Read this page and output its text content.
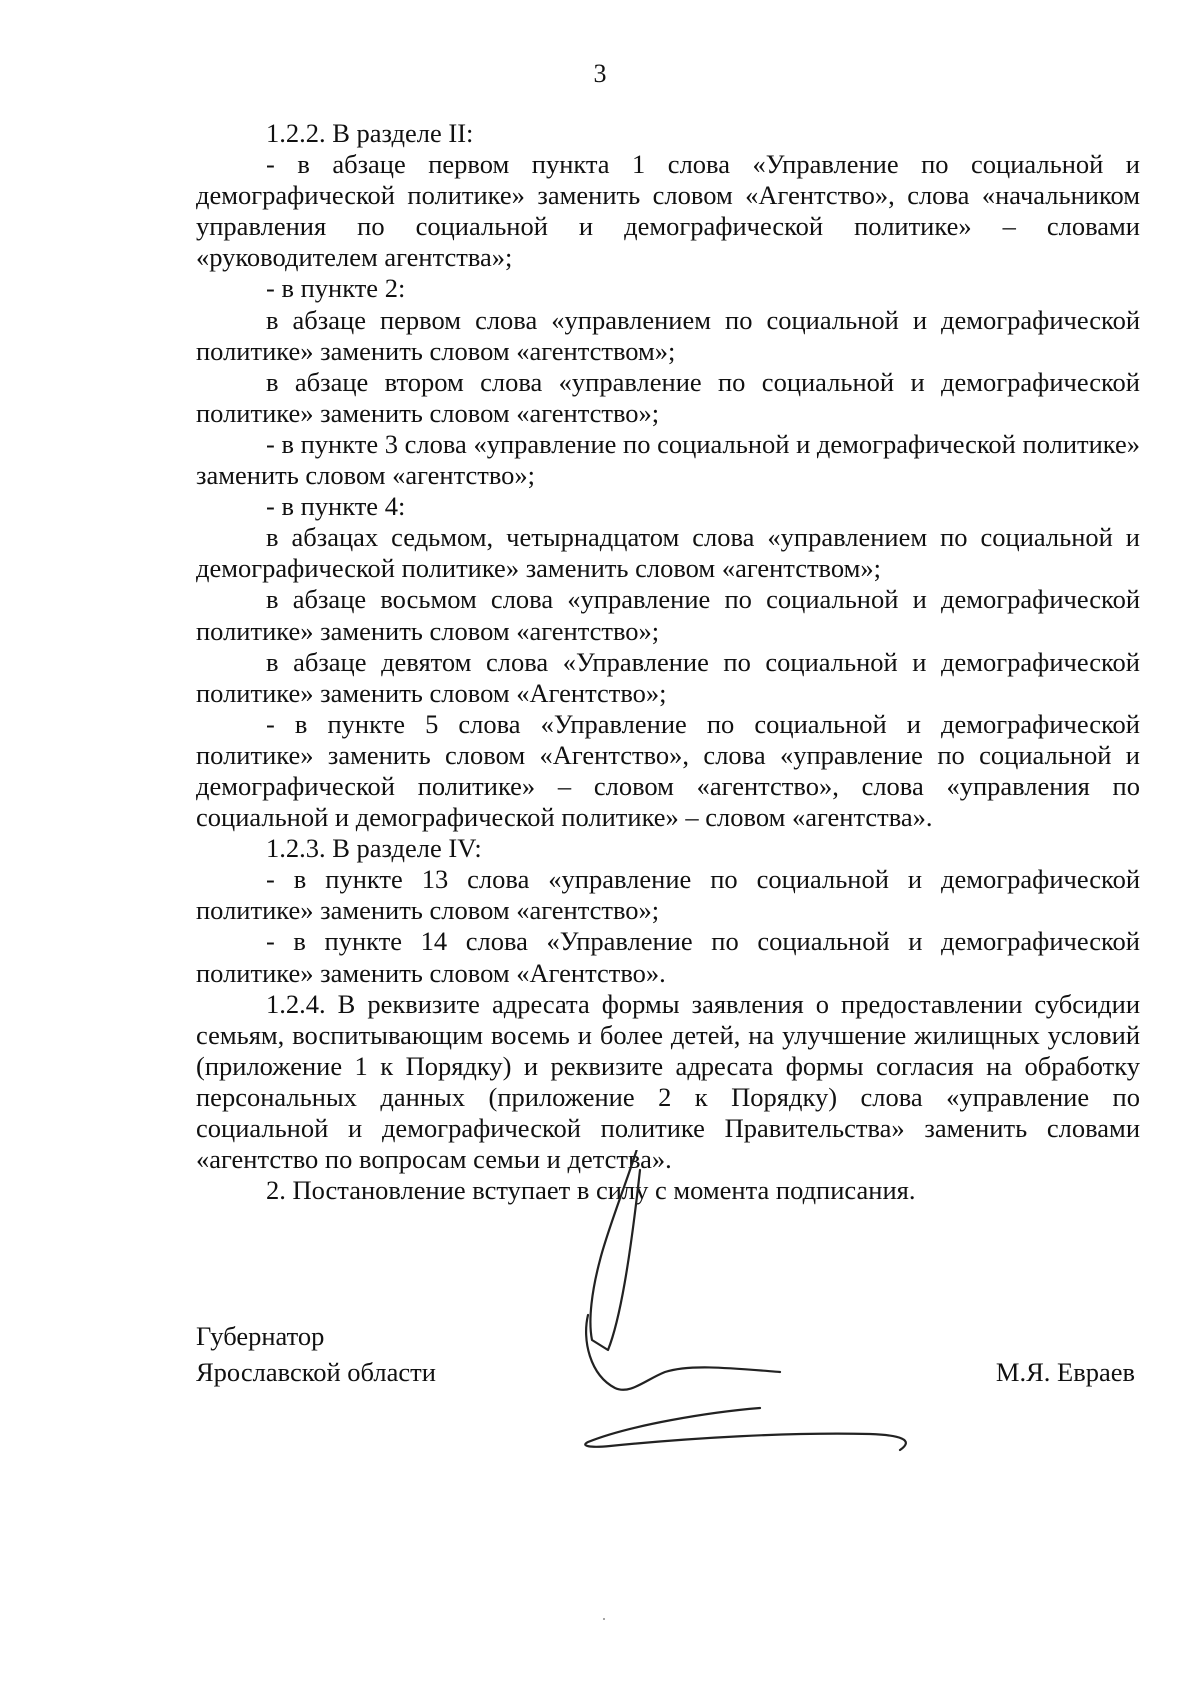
3

1.2.2. В разделе II:

- в абзаце первом пункта 1 слова «Управление по социальной и демографической политике» заменить словом «Агентство», слова «начальником управления по социальной и демографической политике» – словами «руководителем агентства»;

- в пункте 2:

в абзаце первом слова «управлением по социальной и демографической политике» заменить словом «агентством»;

в абзаце втором слова «управление по социальной и демографической политике» заменить словом «агентство»;

- в пункте 3 слова «управление по социальной и демографической политике» заменить словом «агентство»;

- в пункте 4:

в абзацах седьмом, четырнадцатом слова «управлением по социальной и демографической политике» заменить словом «агентством»;

в абзаце восьмом слова «управление по социальной и демографической политике» заменить словом «агентство»;

в абзаце девятом слова «Управление по социальной и демографической политике» заменить словом «Агентство»;

- в пункте 5 слова «Управление по социальной и демографической политике» заменить словом «Агентство», слова «управление по социальной и демографической политике» – словом «агентство», слова «управления по социальной и демографической политике» – словом «агентства».

1.2.3. В разделе IV:

- в пункте 13 слова «управление по социальной и демографической политике» заменить словом «агентство»;

- в пункте 14 слова «Управление по социальной и демографической политике» заменить словом «Агентство».

1.2.4. В реквизите адресата формы заявления о предоставлении субсидии семьям, воспитывающим восемь и более детей, на улучшение жилищных условий (приложение 1 к Порядку) и реквизите адресата формы согласия на обработку персональных данных (приложение 2 к Порядку) слова «управление по социальной и демографической политике Правительства» заменить словами «агентство по вопросам семьи и детства».

2. Постановление вступает в силу с момента подписания.

Губернатор
Ярославской области	М.Я. Евраев
